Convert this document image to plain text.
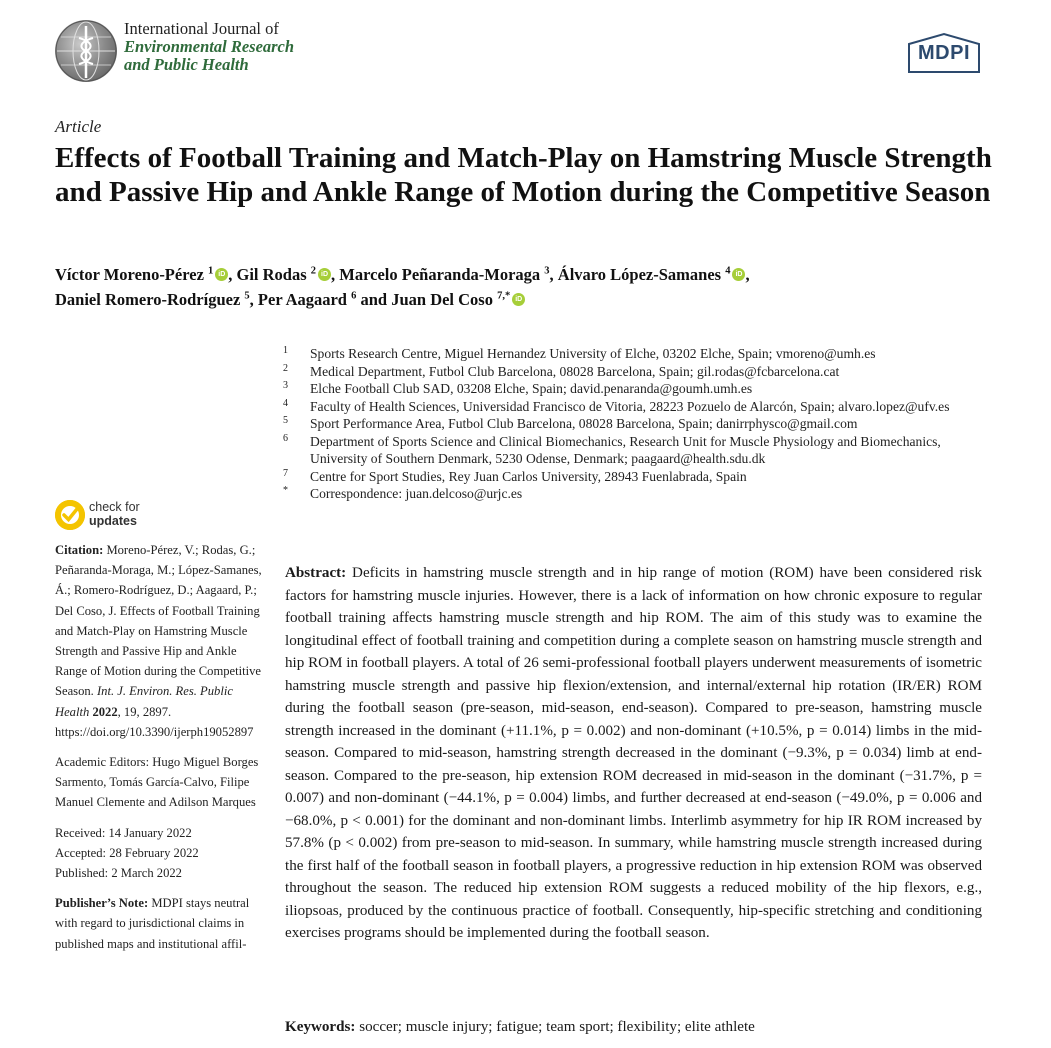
International Journal of
Environmental Research
and Public Health
MDPI
Article
Effects of Football Training and Match-Play on Hamstring Muscle Strength and Passive Hip and Ankle Range of Motion during the Competitive Season
Víctor Moreno-Pérez $^1$ iD , Gil Rodas $^2$ iD , Marcelo Peñaranda-Moraga $^3$, Álvaro López-Samanes $^4$ iD ,
Daniel Romero-Rodríguez $^5$, Per Aagaard $^6$ and Juan Del Coso $^{7,*}$ iD
1 Sports Research Centre, Miguel Hernandez University of Elche, 03202 Elche, Spain; vmoreno@umh.es
2 Medical Department, Futbol Club Barcelona, 08028 Barcelona, Spain; gil.rodas@fcbarcelona.cat
3 Elche Football Club SAD, 03208 Elche, Spain; david.penaranda@goumh.umh.es
4 Faculty of Health Sciences, Universidad Francisco de Vitoria, 28223 Pozuelo de Alarcón, Spain; alvaro.lopez@ufv.es
5 Sport Performance Area, Futbol Club Barcelona, 08028 Barcelona, Spain; danirrphysco@gmail.com
6 Department of Sports Science and Clinical Biomechanics, Research Unit for Muscle Physiology and Biomechanics, University of Southern Denmark, 5230 Odense, Denmark; paagaard@health.sdu.dk
7 Centre for Sport Studies, Rey Juan Carlos University, 28943 Fuenlabrada, Spain
* Correspondence: juan.delcoso@urjc.es
check for
updates
Citation: Moreno-Pérez, V.; Rodas, G.; Peñaranda-Moraga, M.; López-Samanes, Á.; Romero-Rodríguez, D.; Aagaard, P.; Del Coso, J. Effects of Football Training and Match-Play on Hamstring Muscle Strength and Passive Hip and Ankle Range of Motion during the Competitive Season. Int. J. Environ. Res. Public Health 2022, 19, 2897. https://doi.org/10.3390/ijerph19052897
Academic Editors: Hugo Miguel Borges Sarmento, Tomás García-Calvo, Filipe Manuel Clemente and Adilson Marques
Received: 14 January 2022
Accepted: 28 February 2022
Published: 2 March 2022
Publisher’s Note: MDPI stays neutral with regard to jurisdictional claims in published maps and institutional affil-
Abstract: Deficits in hamstring muscle strength and in hip range of motion (ROM) have been considered risk factors for hamstring muscle injuries. However, there is a lack of information on how chronic exposure to regular football training affects hamstring muscle strength and hip ROM. The aim of this study was to examine the longitudinal effect of football training and competition during a complete season on hamstring muscle strength and hip ROM in football players. A total of 26 semi-professional football players underwent measurements of isometric hamstring muscle strength and passive hip flexion/extension, and internal/external hip rotation (IR/ER) ROM during the football season (pre-season, mid-season, end-season). Compared to pre-season, hamstring muscle strength increased in the dominant (+11.1%, p = 0.002) and non-dominant (+10.5%, p = 0.014) limbs in the mid-season. Compared to mid-season, hamstring strength decreased in the dominant (−9.3%, p = 0.034) limb at end-season. Compared to the pre-season, hip extension ROM decreased in mid-season in the dominant (−31.7%, p = 0.007) and non-dominant (−44.1%, p = 0.004) limbs, and further decreased at end-season (−49.0%, p = 0.006 and −68.0%, p < 0.001) for the dominant and non-dominant limbs. Interlimb asymmetry for hip IR ROM increased by 57.8% (p < 0.002) from pre-season to mid-season. In summary, while hamstring muscle strength increased during the first half of the football season in football players, a progressive reduction in hip extension ROM was observed throughout the season. The reduced hip extension ROM suggests a reduced mobility of the hip flexors, e.g., iliopsoas, produced by the continuous practice of football. Consequently, hip-specific stretching and conditioning exercises programs should be implemented during the football season.
Keywords: soccer; muscle injury; fatigue; team sport; flexibility; elite athlete
